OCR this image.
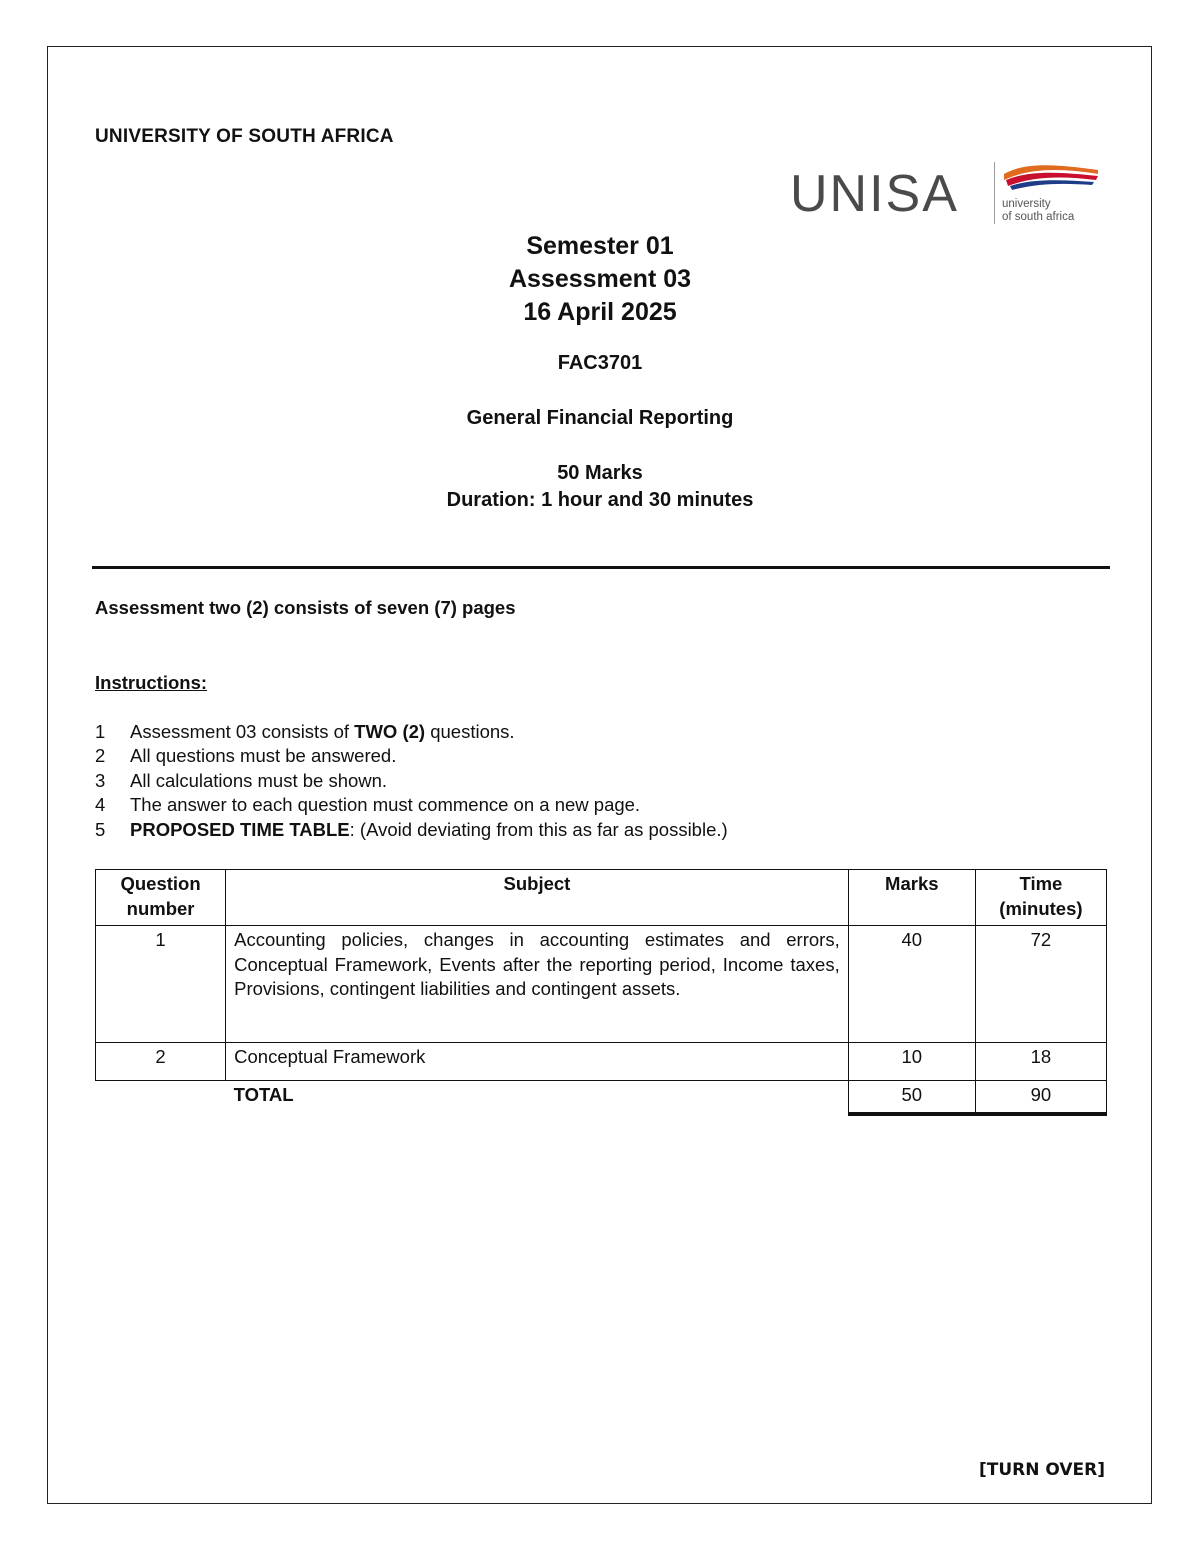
UNIVERSITY OF SOUTH AFRICA
UNISA	university
of south africa
Semester 01
Assessment 03
16 April 2025
FAC3701
General Financial Reporting
50 Marks
Duration: 1 hour and 30 minutes
Assessment two (2) consists of seven (7) pages
Instructions:
1	Assessment 03 consists of TWO (2) questions.
2	All questions must be answered.
3	All calculations must be shown.
4	The answer to each question must commence on a new page.
5	PROPOSED TIME TABLE: (Avoid deviating from this as far as possible.)
Question number	Subject	Marks	Time (minutes)
1	Accounting policies, changes in accounting estimates and errors, Conceptual Framework, Events after the reporting period, Income taxes, Provisions, contingent liabilities and contingent assets.	40	72
2	Conceptual Framework	10	18
	TOTAL	50	90
[TURN OVER]
